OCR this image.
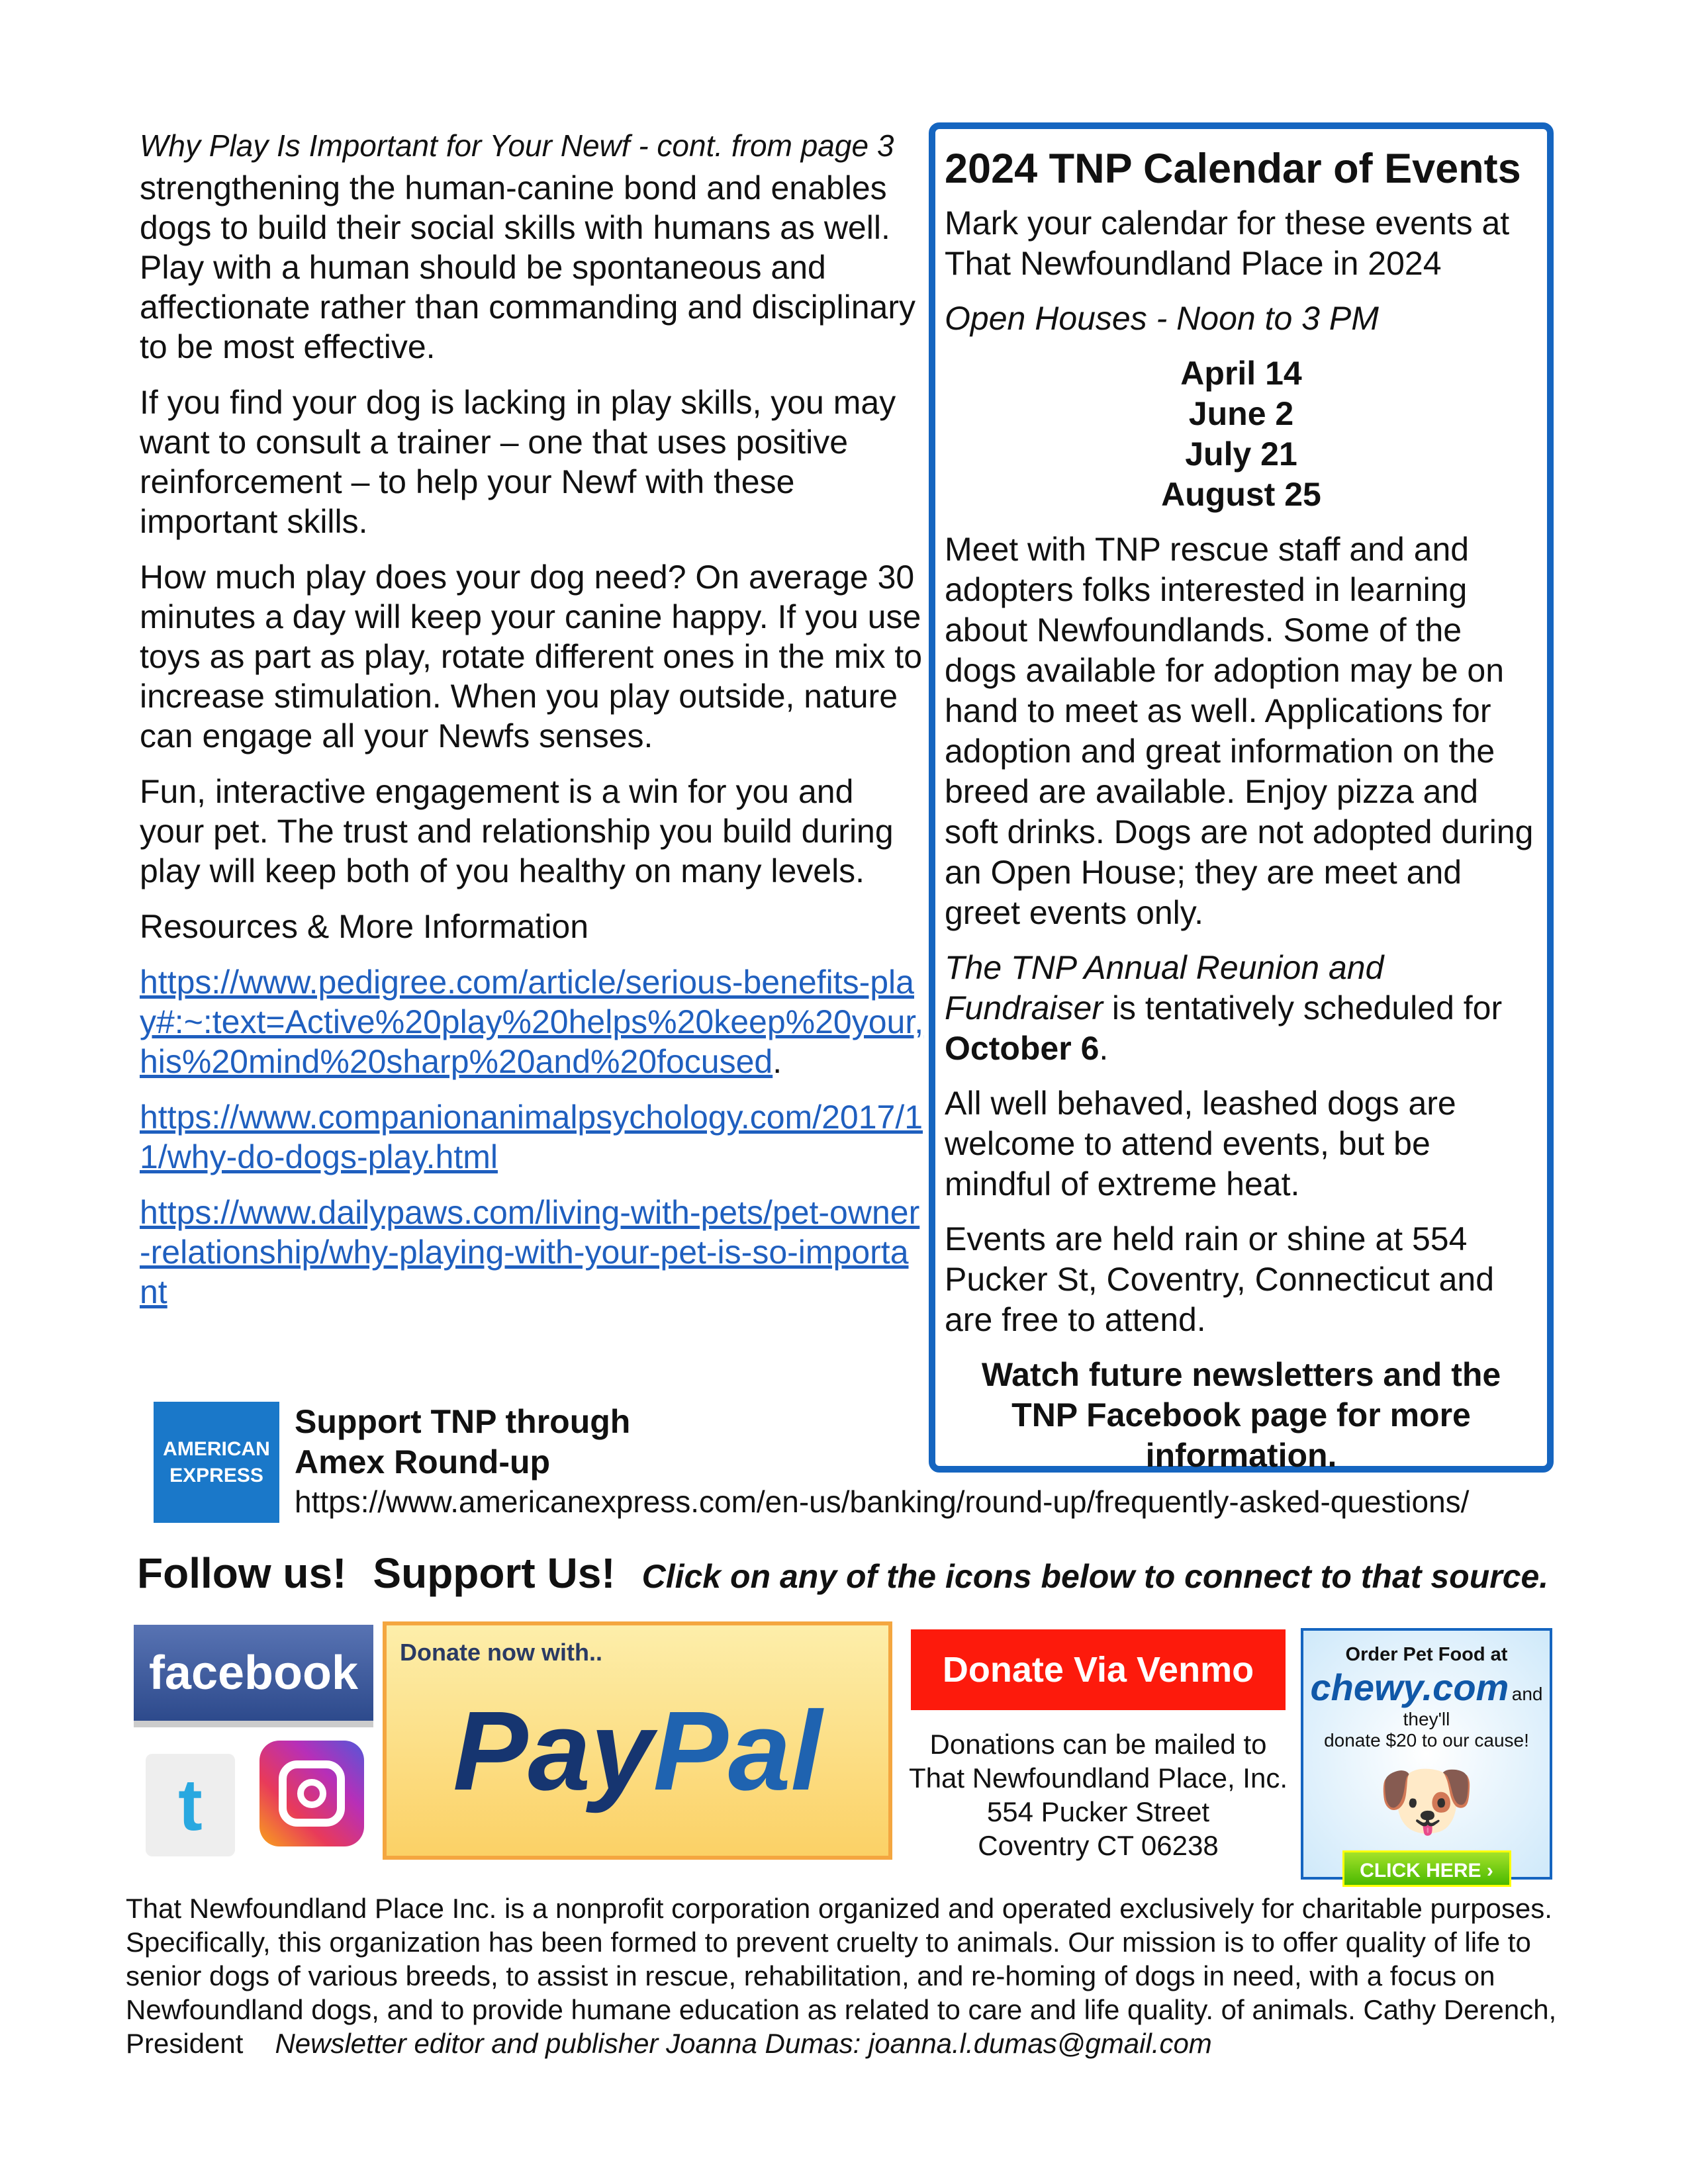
Why Play Is Important for Your Newf - cont. from page 3

strengthening the human-canine bond and enables dogs to build their social skills with humans as well. Play with a human should be spontaneous and affectionate rather than commanding and disciplinary to be most effective.

If you find your dog is lacking in play skills, you may want to consult a trainer – one that uses positive reinforcement – to help your Newf with these important skills.

How much play does your dog need? On average 30 minutes a day will keep your canine happy. If you use toys as part as play, rotate different ones in the mix to increase stimulation. When you play outside, nature can engage all your Newfs senses.

Fun, interactive engagement is a win for you and your pet. The trust and relationship you build during play will keep both of you healthy on many levels.

Resources & More Information

https://www.pedigree.com/article/serious-benefits-play#:~:text=Active%20play%20helps%20keep%20your,his%20mind%20sharp%20and%20focused.

https://www.companionanimalpsychology.com/2017/11/why-do-dogs-play.html

https://www.dailypaws.com/living-with-pets/pet-owner-relationship/why-playing-with-your-pet-is-so-important

2024 TNP Calendar of Events

Mark your calendar for these events at That Newfoundland Place in 2024

Open Houses - Noon to 3 PM

April 14
June 2
July 21
August 25

Meet with TNP rescue staff and and adopters folks interested in learning about Newfoundlands. Some of the dogs available for adoption may be on hand to meet as well. Applications for adoption and great information on the breed are available. Enjoy pizza and soft drinks. Dogs are not adopted during an Open House; they are meet and greet events only.

The TNP Annual Reunion and Fundraiser is tentatively scheduled for October 6.

All well behaved, leashed dogs are welcome to attend events, but be mindful of extreme heat.

Events are held rain or shine at 554 Pucker St, Coventry, Connecticut and are free to attend.

Watch future newsletters and the TNP Facebook page for more information.
AMERICAN
EXPRESS
Support TNP through
Amex Round-up
https://www.americanexpress.com/en-us/banking/round-up/frequently-asked-questions/
Follow us! Support Us! Click on any of the icons below to connect to that source.
facebook
t
Donate now with..
PayPal
Donate Via Venmo
Donations can be mailed to
That Newfoundland Place, Inc.
554 Pucker Street
Coventry CT 06238
Order Pet Food at
chewy.com and they'll
donate $20 to our cause!
🐶
CLICK HERE ›
That Newfoundland Place Inc. is a nonprofit corporation organized and operated exclusively for charitable purposes. Specifically, this organization has been formed to prevent cruelty to animals. Our mission is to offer quality of life to senior dogs of various breeds, to assist in rescue, rehabilitation, and re-homing of dogs in need, with a focus on Newfoundland dogs, and to provide humane education as related to care and life quality. of animals. Cathy Derench, President Newsletter editor and publisher Joanna Dumas: joanna.l.dumas@gmail.com
